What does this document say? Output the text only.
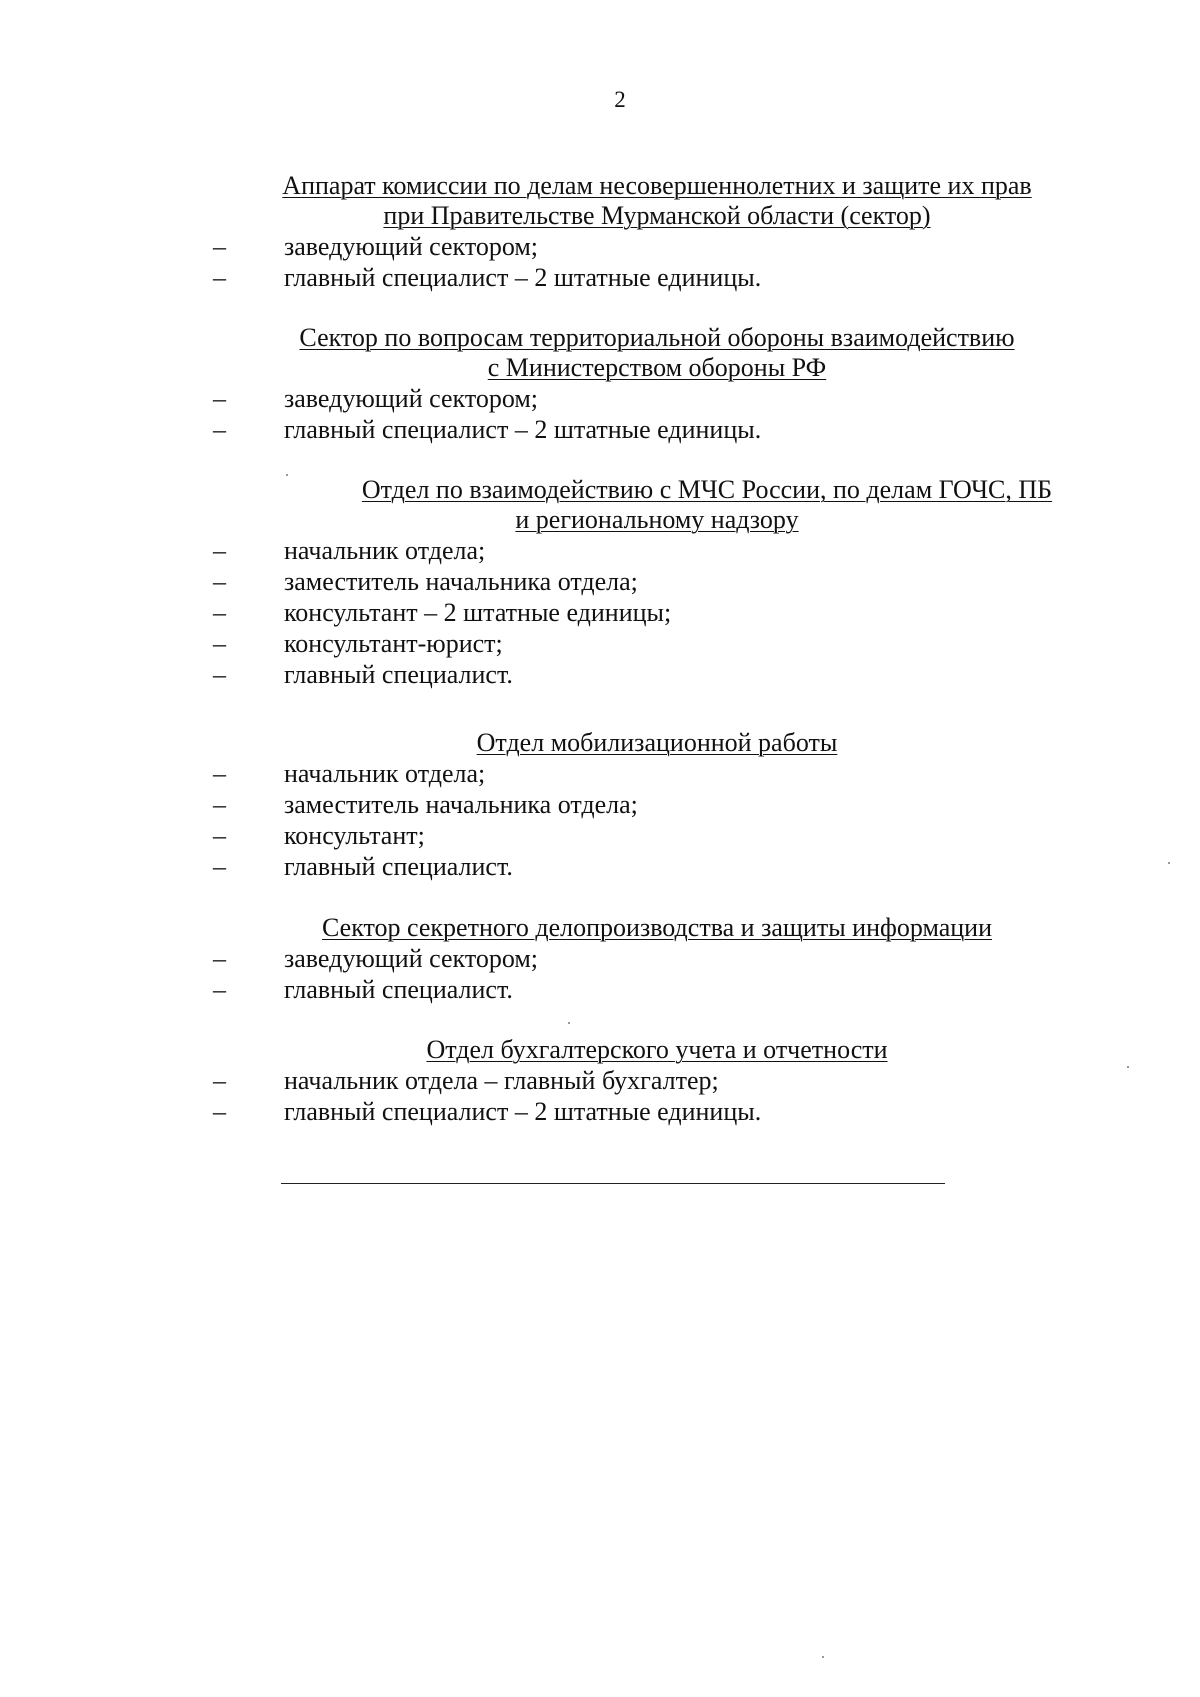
2
Аппарат комиссии по делам несовершеннолетних и защите их прав
при Правительстве Мурманской области (сектор)
– заведующий сектором;
– главный специалист – 2 штатные единицы.
Сектор по вопросам территориальной обороны взаимодействию
с Министерством обороны РФ
– заведующий сектором;
– главный специалист – 2 штатные единицы.
Отдел по взаимодействию с МЧС России, по делам ГОЧС, ПБ
и региональному надзору
– начальник отдела;
– заместитель начальника отдела;
– консультант – 2 штатные единицы;
– консультант-юрист;
– главный специалист.
Отдел мобилизационной работы
– начальник отдела;
– заместитель начальника отдела;
– консультант;
– главный специалист.
Сектор секретного делопроизводства и защиты информации
– заведующий сектором;
– главный специалист.
Отдел бухгалтерского учета и отчетности
– начальник отдела – главный бухгалтер;
– главный специалист – 2 штатные единицы.
